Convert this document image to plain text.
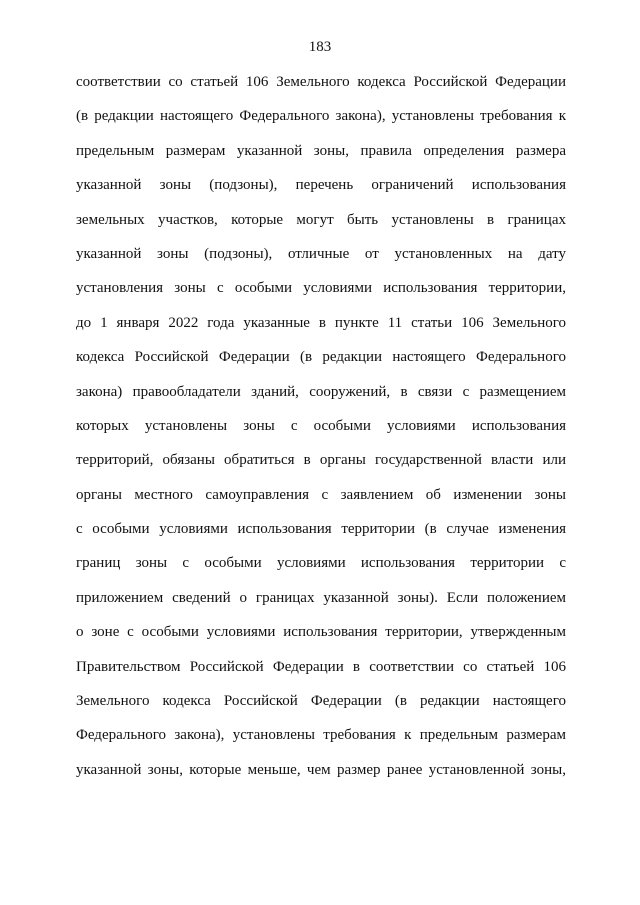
183
соответствии со статьей 106 Земельного кодекса Российской Федерации
(в редакции настоящего Федерального закона), установлены требования к
предельным размерам указанной зоны, правила определения размера
указанной зоны (подзоны), перечень ограничений использования
земельных участков, которые могут быть установлены в границах
указанной зоны (подзоны), отличные от установленных на дату
установления зоны с особыми условиями использования территории,
до 1 января 2022 года указанные в пункте 11 статьи 106 Земельного
кодекса Российской Федерации (в редакции настоящего Федерального
закона) правообладатели зданий, сооружений, в связи с размещением
которых установлены зоны с особыми условиями использования
территорий, обязаны обратиться в органы государственной власти или
органы местного самоуправления с заявлением об изменении зоны
с особыми условиями использования территории (в случае изменения
границ зоны с особыми условиями использования территории с
приложением сведений о границах указанной зоны). Если положением
о зоне с особыми условиями использования территории, утвержденным
Правительством Российской Федерации в соответствии со статьей 106
Земельного кодекса Российской Федерации (в редакции настоящего
Федерального закона), установлены требования к предельным размерам
указанной зоны, которые меньше, чем размер ранее установленной зоны,
